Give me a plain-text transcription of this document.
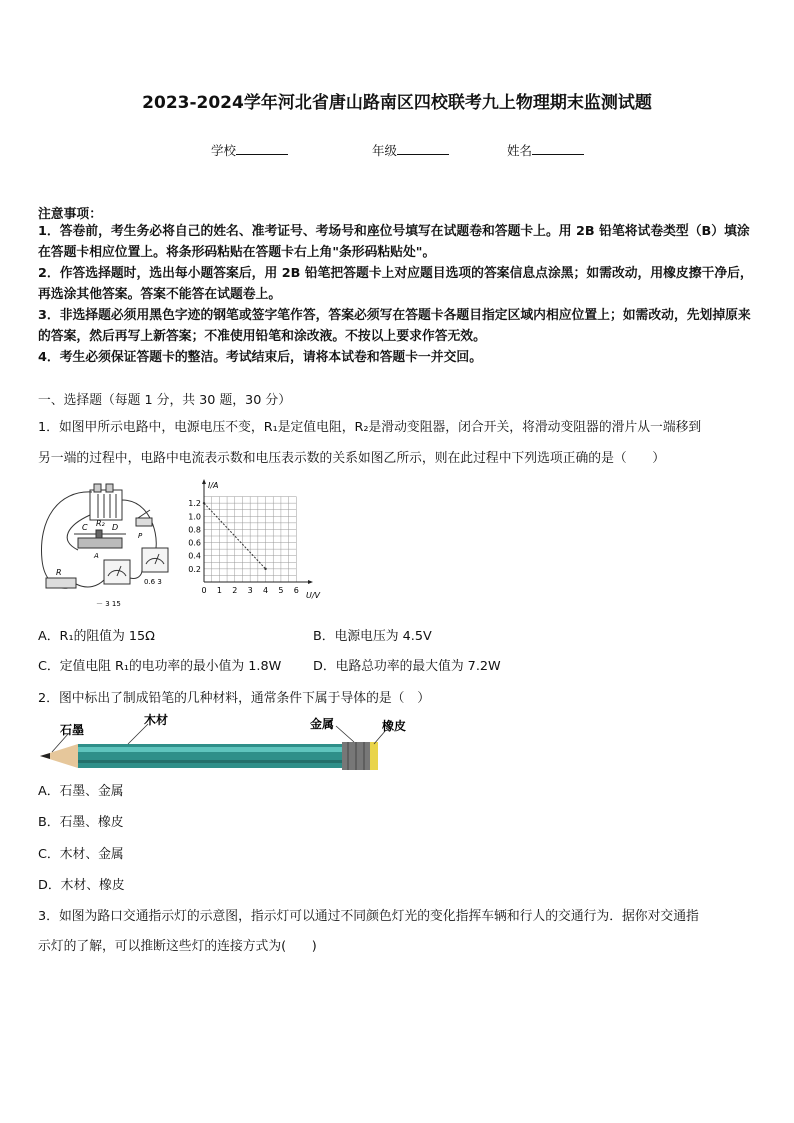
2023-2024学年河北省唐山路南区四校联考九上物理期末监测试题
学校	年级	姓名
注意事项：
1．答卷前，考生务必将自己的姓名、准考证号、考场号和座位号填写在试题卷和答题卡上。用 2B 铅笔将试卷类型（B）填涂在答题卡相应位置上。将条形码粘贴在答题卡右上角"条形码粘贴处"。
2．作答选择题时，选出每小题答案后，用 2B 铅笔把答题卡上对应题目选项的答案信息点涂黑；如需改动，用橡皮擦干净后，再选涂其他答案。答案不能答在试题卷上。
3．非选择题必须用黑色字迹的钢笔或签字笔作答，答案必须写在答题卡各题目指定区域内相应位置上；如需改动，先划掉原来的答案，然后再写上新答案；不准使用铅笔和涂改液。不按以上要求作答无效。
4．考生必须保证答题卡的整洁。考试结束后，请将本试卷和答题卡一并交回。
一、选择题（每题 1 分，共 30 题，30 分）
1．如图甲所示电路中，电源电压不变，R₁是定值电阻，R₂是滑动变阻器，闭合开关，将滑动变阻器的滑片从一端移到
另一端的过程中，电路中电流表示数和电压表示数的关系如图乙所示，则在此过程中下列选项正确的是（　　）
C R₂ D
A
R
P
0.6 3
－ 3 15
0 1 2 3 4 5 6
0.2
0.4
0.6
0.8
1.0
1.2
U/V
I/A
A．R₁的阻值为 15Ω	B．电源电压为 4.5V
C．定值电阻 R₁的电功率的最小值为 1.8W D．电路总功率的最大值为 7.2W
2．图中标出了制成铅笔的几种材料，通常条件下属于导体的是（　）
石墨
木材	金属	橡皮
A．石墨、金属
B．石墨、橡皮
C．木材、金属
D．木材、橡皮
3．如图为路口交通指示灯的示意图，指示灯可以通过不同颜色灯光的变化指挥车辆和行人的交通行为．据你对交通指
示灯的了解，可以推断这些灯的连接方式为(　　)
